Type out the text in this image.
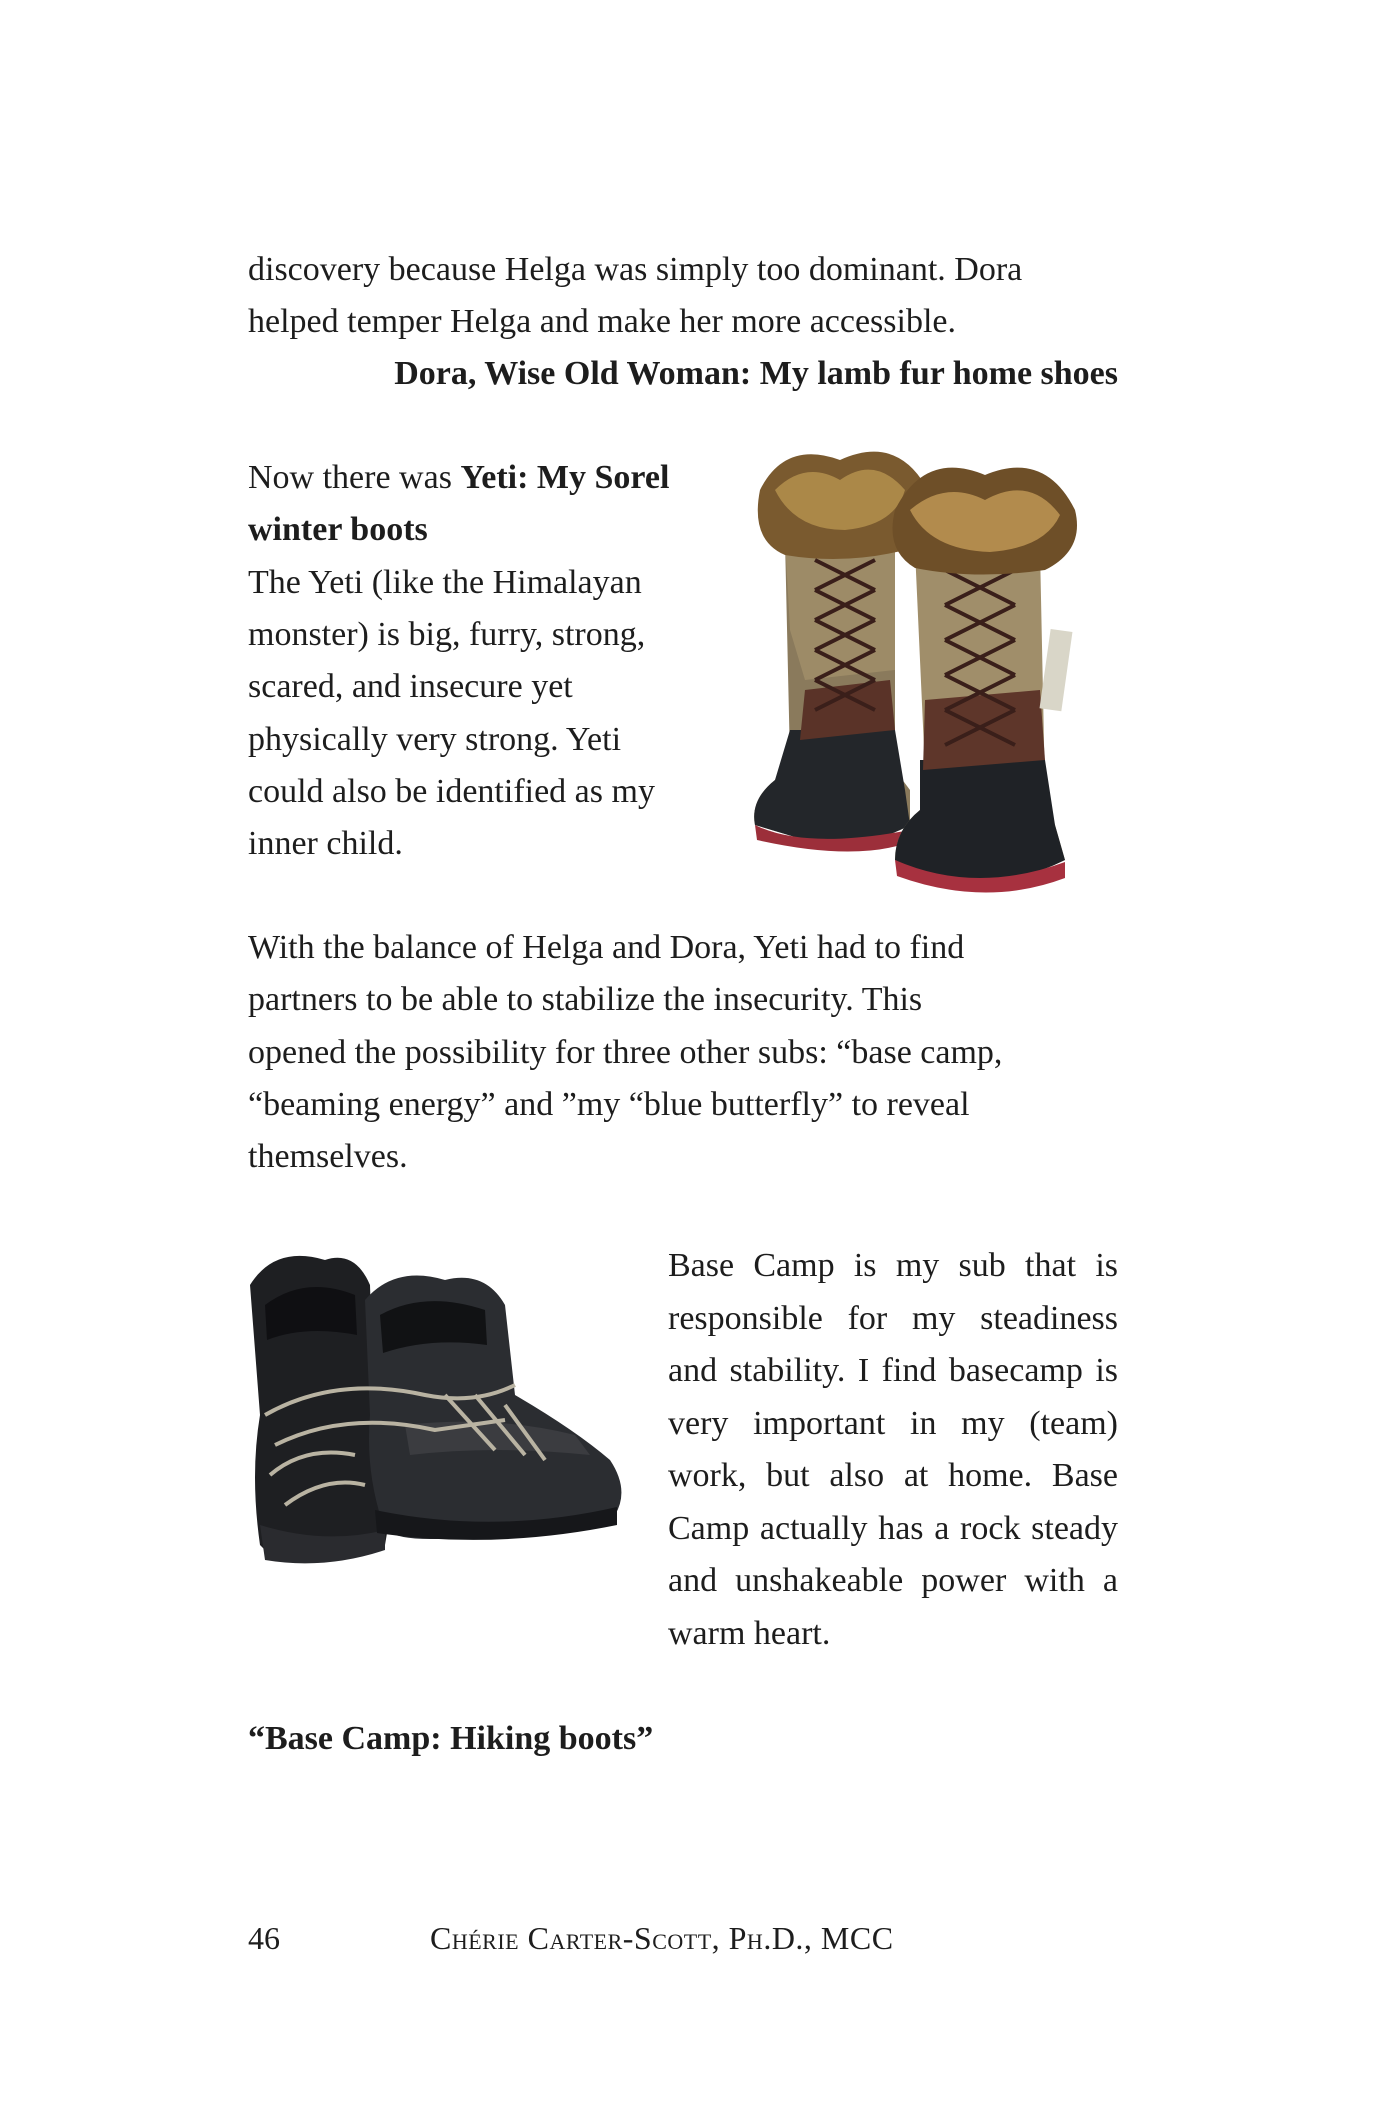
discovery because Helga was simply too dominant. Dora

helped temper Helga and make her more accessible.

Dora, Wise Old Woman: My lamb fur home shoes

Now there was Yeti: My Sorel

winter boots

The Yeti (like the Himalayan

monster) is big, furry, strong,

scared, and insecure yet

physically very strong. Yeti

could also be identified as my

inner child.

With the balance of Helga and Dora, Yeti had to find

partners to be able to stabilize the insecurity. This

opened the possibility for three other subs: “base camp,

“beaming energy” and ”my “blue butterfly” to reveal

themselves.

Base Camp is my sub that is responsible for my steadiness and stability. I find basecamp is very important in my (team) work, but also at home. Base Camp actually has a rock steady and unshakeable power with a warm heart.

“Base Camp: Hiking boots”

46	Chérie Carter-Scott, Ph.D., MCC
